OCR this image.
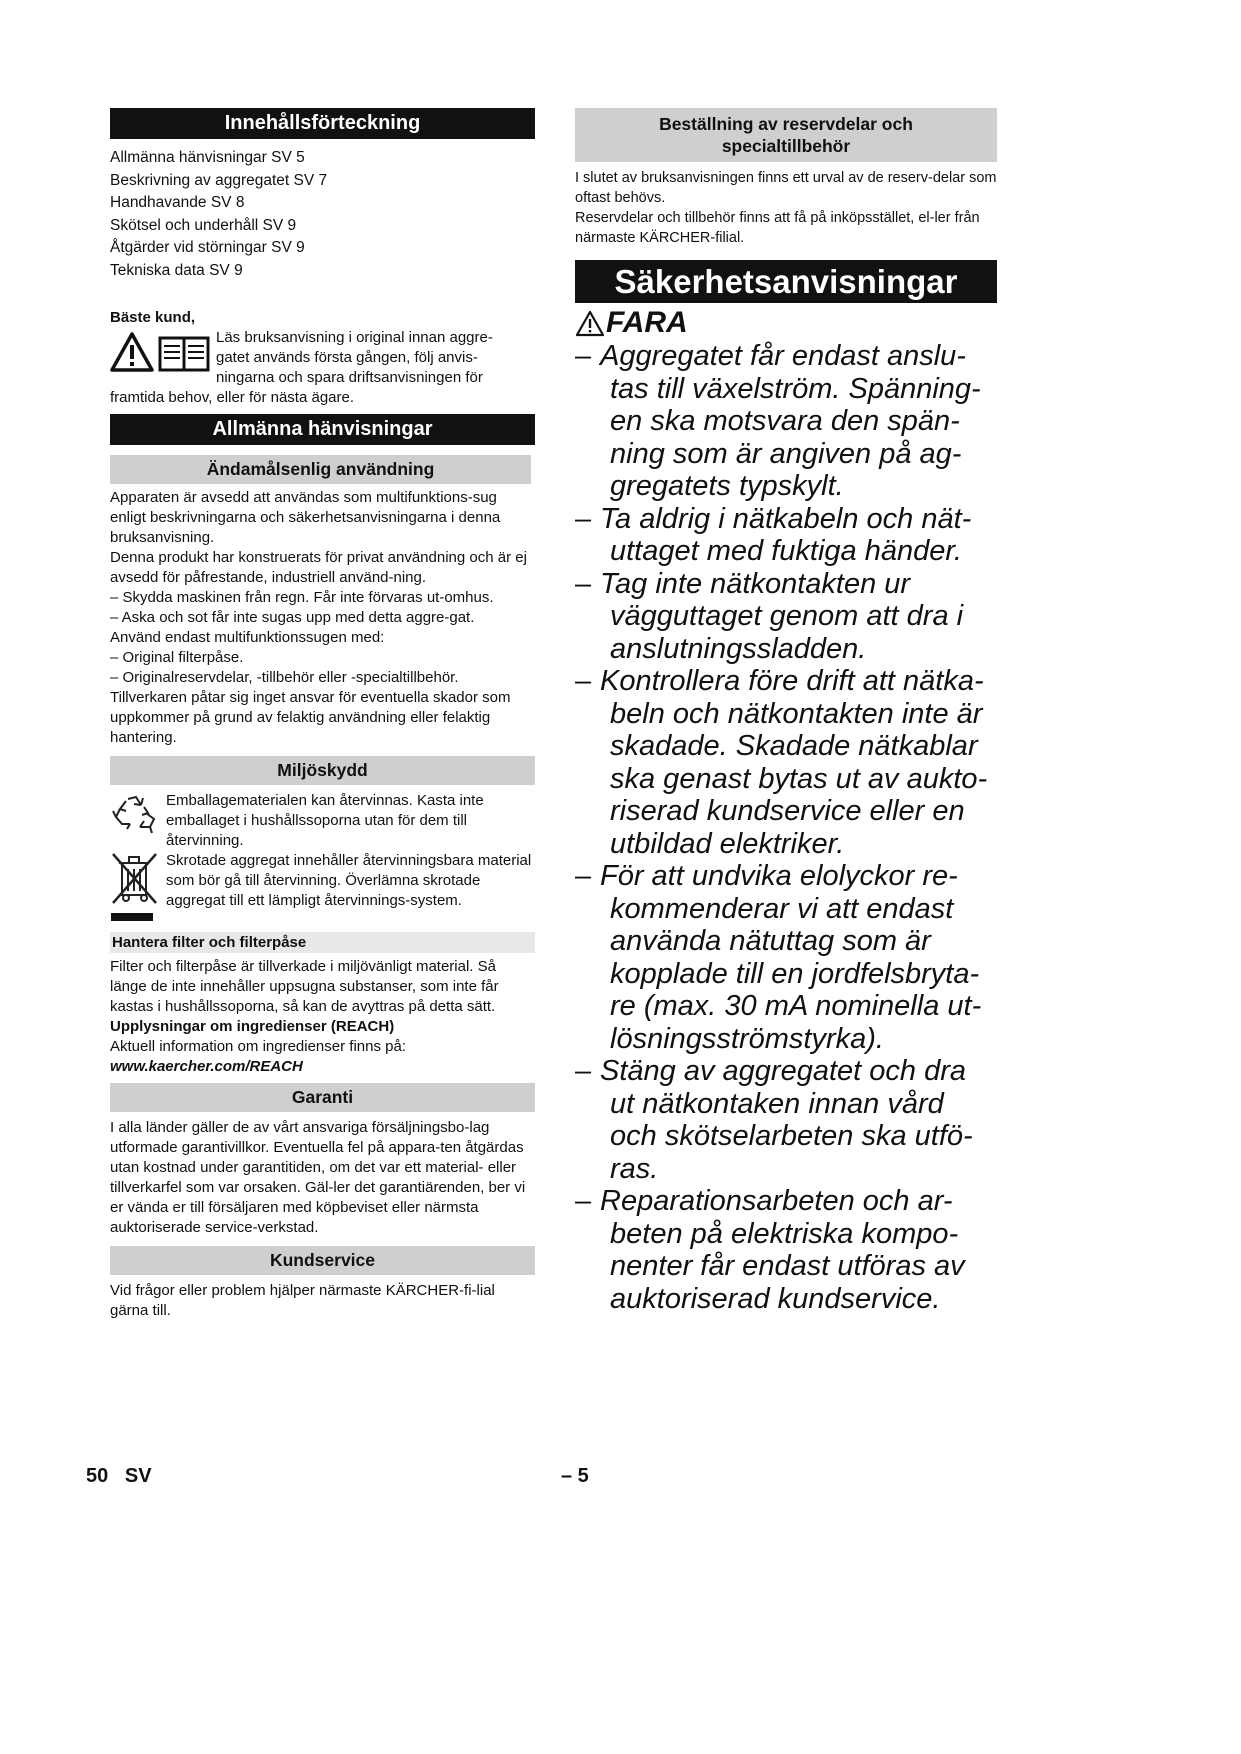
Innehållsförteckning
Allmänna hänvisningar SV 5
Beskrivning av aggregatet SV 7
Handhavande SV 8
Skötsel och underhåll SV 9
Åtgärder vid störningar SV 9
Tekniska data SV 9
Bäste kund,
Läs bruksanvisning i original innan aggre-
gatet används första gången, följ anvis-
ningarna och spara driftsanvisningen för
framtida behov, eller för nästa ägare.
Allmänna hänvisningar
Ändamålsenlig användning

Apparaten är avsedd att användas som multifunktions-sug enligt beskrivningarna och säkerhetsanvisningarna i denna bruksanvisning.

Denna produkt har konstruerats för privat användning och är ej avsedd för påfrestande, industriell använd-ning.

– Skydda maskinen från regn. Får inte förvaras ut-omhus.

– Aska och sot får inte sugas upp med detta aggre-gat.

Använd endast multifunktionssugen med:

– Original filterpåse.

– Originalreservdelar, -tillbehör eller -specialtillbehör.

Tillverkaren påtar sig inget ansvar för eventuella skador som uppkommer på grund av felaktig användning eller felaktig hantering.

Miljöskydd

Emballagematerialen kan återvinnas. Kasta inte emballaget i hushållssoporna utan för dem till återvinning.

Skrotade aggregat innehåller återvinningsbara material som bör gå till återvinning. Överlämna skrotade aggregat till ett lämpligt återvinnings-system.

Hantera filter och filterpåse

Filter och filterpåse är tillverkade i miljövänligt material. Så länge de inte innehåller uppsugna substanser, som inte får kastas i hushållssoporna, så kan de avyttras på detta sätt.

Upplysningar om ingredienser (REACH)

Aktuell information om ingredienser finns på:

www.kaercher.com/REACH

Garanti

I alla länder gäller de av vårt ansvariga försäljningsbo-lag utformade garantivillkor. Eventuella fel på appara-ten åtgärdas utan kostnad under garantitiden, om det var ett material- eller tillverkarfel som var orsaken. Gäl-ler det garantiärenden, ber vi er vända er till försäljaren med köpbeviset eller närmsta auktoriserade service-verkstad.

Kundservice

Vid frågor eller problem hjälper närmaste KÄRCHER-fi-lial gärna till.

Beställning av reservdelar och
specialtillbehör

I slutet av bruksanvisningen finns ett urval av de reserv-delar som oftast behövs.

Reservdelar och tillbehör finns att få på inköpsstället, el-ler från närmaste KÄRCHER-filial.

Säkerhetsanvisningar
FARA
– Aggregatet får endast anslu-
tas till växelström. Spänning-
en ska motsvara den spän-
ning som är angiven på ag-
gregatets typskylt.
– Ta aldrig i nätkabeln och nät-
uttaget med fuktiga händer.
– Tag inte nätkontakten ur
vägguttaget genom att dra i
anslutningssladden.
– Kontrollera före drift att nätka-
beln och nätkontakten inte är
skadade. Skadade nätkablar
ska genast bytas ut av aukto-
riserad kundservice eller en
utbildad elektriker.
– För att undvika elolyckor re-
kommenderar vi att endast
använda nätuttag som är
kopplade till en jordfelsbryta-
re (max. 30 mA nominella ut-
lösningsströmstyrka).
– Stäng av aggregatet och dra
ut nätkontaken innan vård
och skötselarbeten ska utfö-
ras.
– Reparationsarbeten och ar-
beten på elektriska kompo-
nenter får endast utföras av
auktoriserad kundservice.
50 SV	– 5
